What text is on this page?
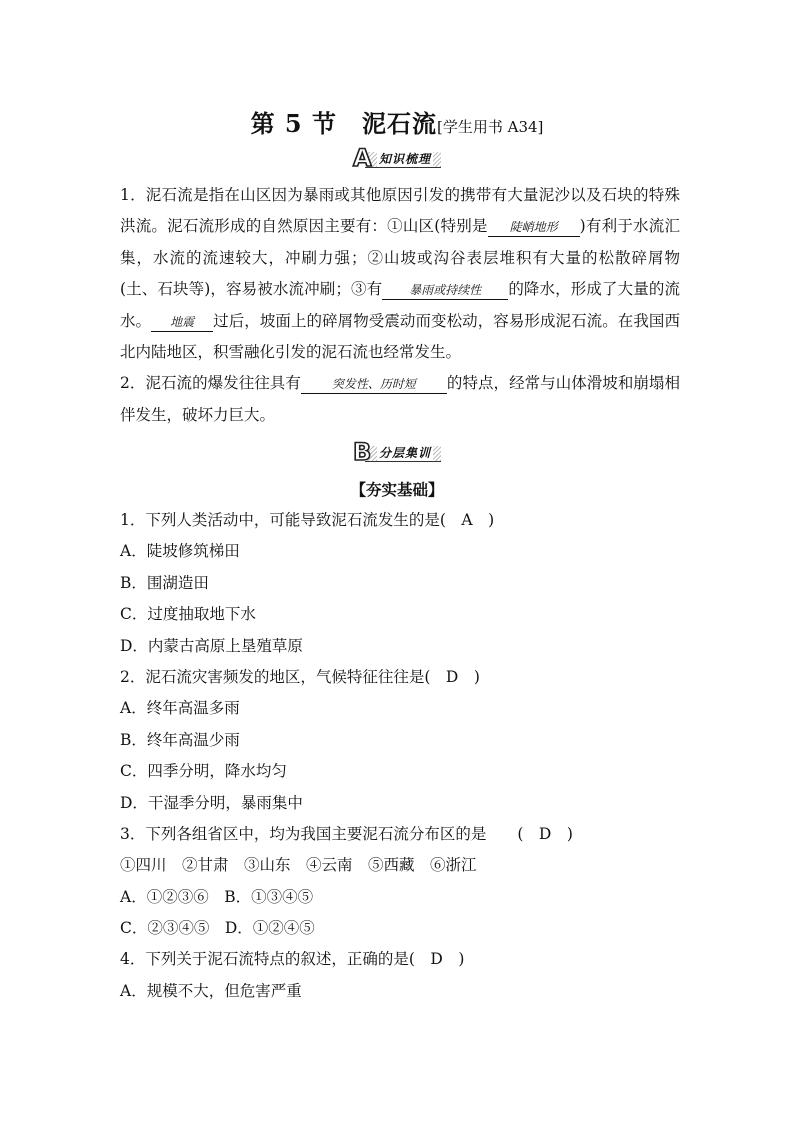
第 5 节　泥石流[学生用书 A34]
A 知识梳理

1．泥石流是指在山区因为暴雨或其他原因引发的携带有大量泥沙以及石块的特殊洪流。泥石流形成的自然原因主要有：①山区(特别是 陡峭地形 )有利于水流汇集，水流的流速较大，冲刷力强；②山坡或沟谷表层堆积有大量的松散碎屑物(土、石块等)，容易被水流冲刷；③有 暴雨或持续性 的降水，形成了大量的流水。 地震 过后，坡面上的碎屑物受震动而变松动，容易形成泥石流。在我国西北内陆地区，积雪融化引发的泥石流也经常发生。

2．泥石流的爆发往往具有	突发性、历时短 的特点，经常与山体滑坡和崩塌相伴发生，破坏力巨大。

B 分层集训
【夯实基础】
1．下列人类活动中，可能导致泥石流发生的是(　A　)
A．陡坡修筑梯田
B．围湖造田
C．过度抽取地下水
D．内蒙古高原上垦殖草原
2．泥石流灾害频发的地区，气候特征往往是(　D　)
A．终年高温多雨
B．终年高温少雨
C．四季分明，降水均匀
D．干湿季分明，暴雨集中
3．下列各组省区中，均为我国主要泥石流分布区的是　　(　D　)
①四川　②甘肃　③山东　④云南　⑤西藏　⑥浙江
A．①②③⑥　B．①③④⑤
C．②③④⑤　D．①②④⑤
4．下列关于泥石流特点的叙述，正确的是(　D　)
A．规模不大，但危害严重
